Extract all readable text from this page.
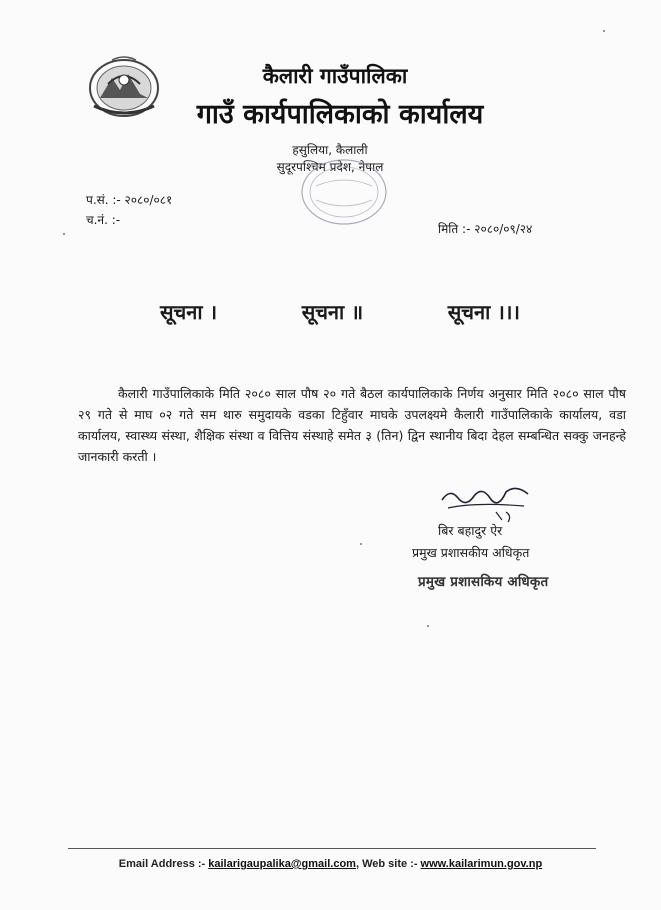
कैलारी गाउँपालिका
गाउँ कार्यपालिकाको कार्यालय
हसुलिया, कैलाली
सुदूरपश्चिम प्रदेश, नेपाल
प.सं. :- २०८०/०८१
च.नं. :-
मिति :- २०८०/०९/२४
सूचना ।	सूचना ॥	सूचना ।।।

कैलारी गाउँपालिकाके मिति २०८० साल पौष २० गते बैठल कार्यपालिकाके निर्णय अनुसार मिति २०८० साल पौष २९ गते से माघ ०२ गते सम थारु समुदायके वडका टिहुँवार माघके उपलक्ष्यमे कैलारी गाउँपालिकाके कार्यालय, वडा कार्यालय, स्वास्थ्य संस्था, शैक्षिक संस्था व वित्तिय संस्थाहे समेत ३ (तिन) द्विन स्थानीय बिदा देहल सम्बन्धित सक्कु जनहन्हे जानकारी करती ।

बिर बहादुर ऐर
प्रमुख प्रशासकीय अधिकृत
प्रमुख प्रशासकिय अधिकृत
Email Address :- kailarigaupalika@gmail.com, Web site :- www.kailarimun.gov.np
